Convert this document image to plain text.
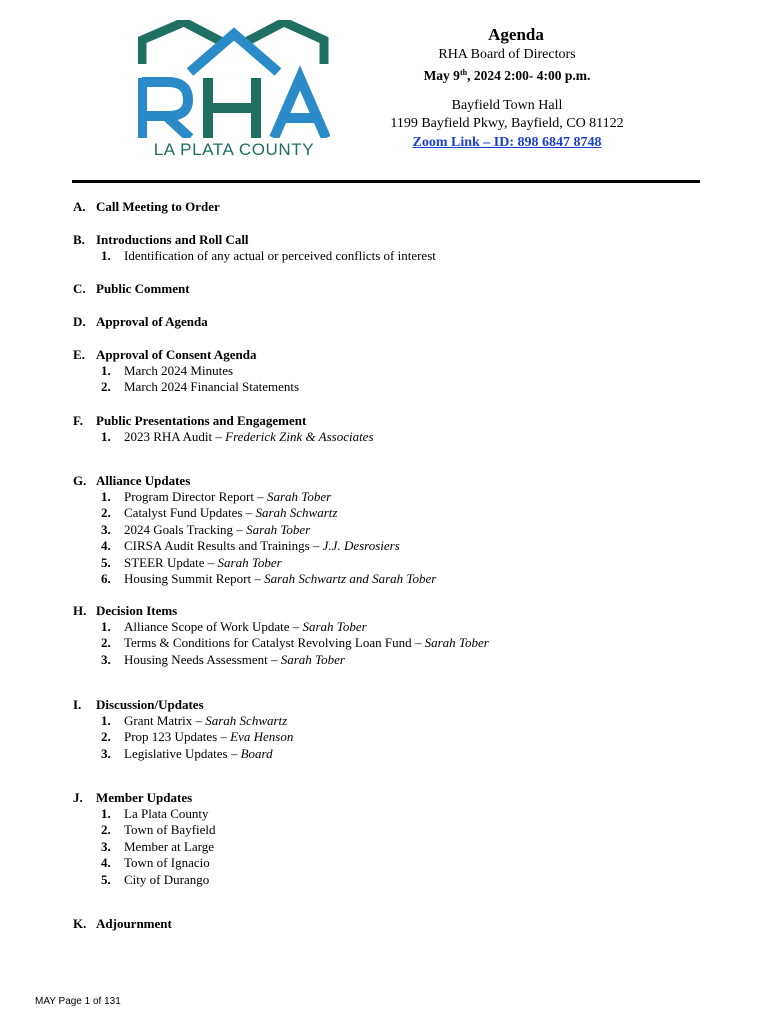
LA PLATA COUNTY
Agenda
RHA Board of Directors
May 9th, 2024 2:00- 4:00 p.m.
Bayfield Town Hall
1199 Bayfield Pkwy, Bayfield, CO 81122
Zoom Link – ID: 898 6847 8748
A. Call Meeting to Order
B. Introductions and Roll Call
1.	Identification of any actual or perceived conflicts of interest
C. Public Comment
D. Approval of Agenda
E. Approval of Consent Agenda
1.	March 2024 Minutes
2.	March 2024 Financial Statements
F.	Public Presentations and Engagement
1.	2023 RHA Audit –
Frederick Zink & Associates
G. Alliance Updates
1.	Program Director Report –
Sarah Tober
2.	Catalyst Fund Updates –
Sarah Schwartz
3.	2024 Goals Tracking –
Sarah Tober
4.	CIRSA Audit Results and Trainings –
J.J. Desrosiers
5.	STEER Update –
Sarah Tober
6.	Housing Summit Report –
Sarah Schwartz and Sarah Tober
H. Decision Items
1.	Alliance Scope of Work Update –
Sarah Tober
2.	Terms & Conditions for Catalyst Revolving Loan Fund –
Sarah Tober
3.	Housing Needs Assessment –
Sarah Tober
I.	Discussion/Updates
1.	Grant Matrix –
Sarah Schwartz
2.	Prop 123 Updates –
Eva Henson
3.	Legislative Updates –
Board
J.	Member Updates
1.	La Plata County
2.	Town of Bayfield
3.	Member at Large
4.	Town of Ignacio
5.	City of Durango
K. Adjournment
MAY Page 1 of 131
